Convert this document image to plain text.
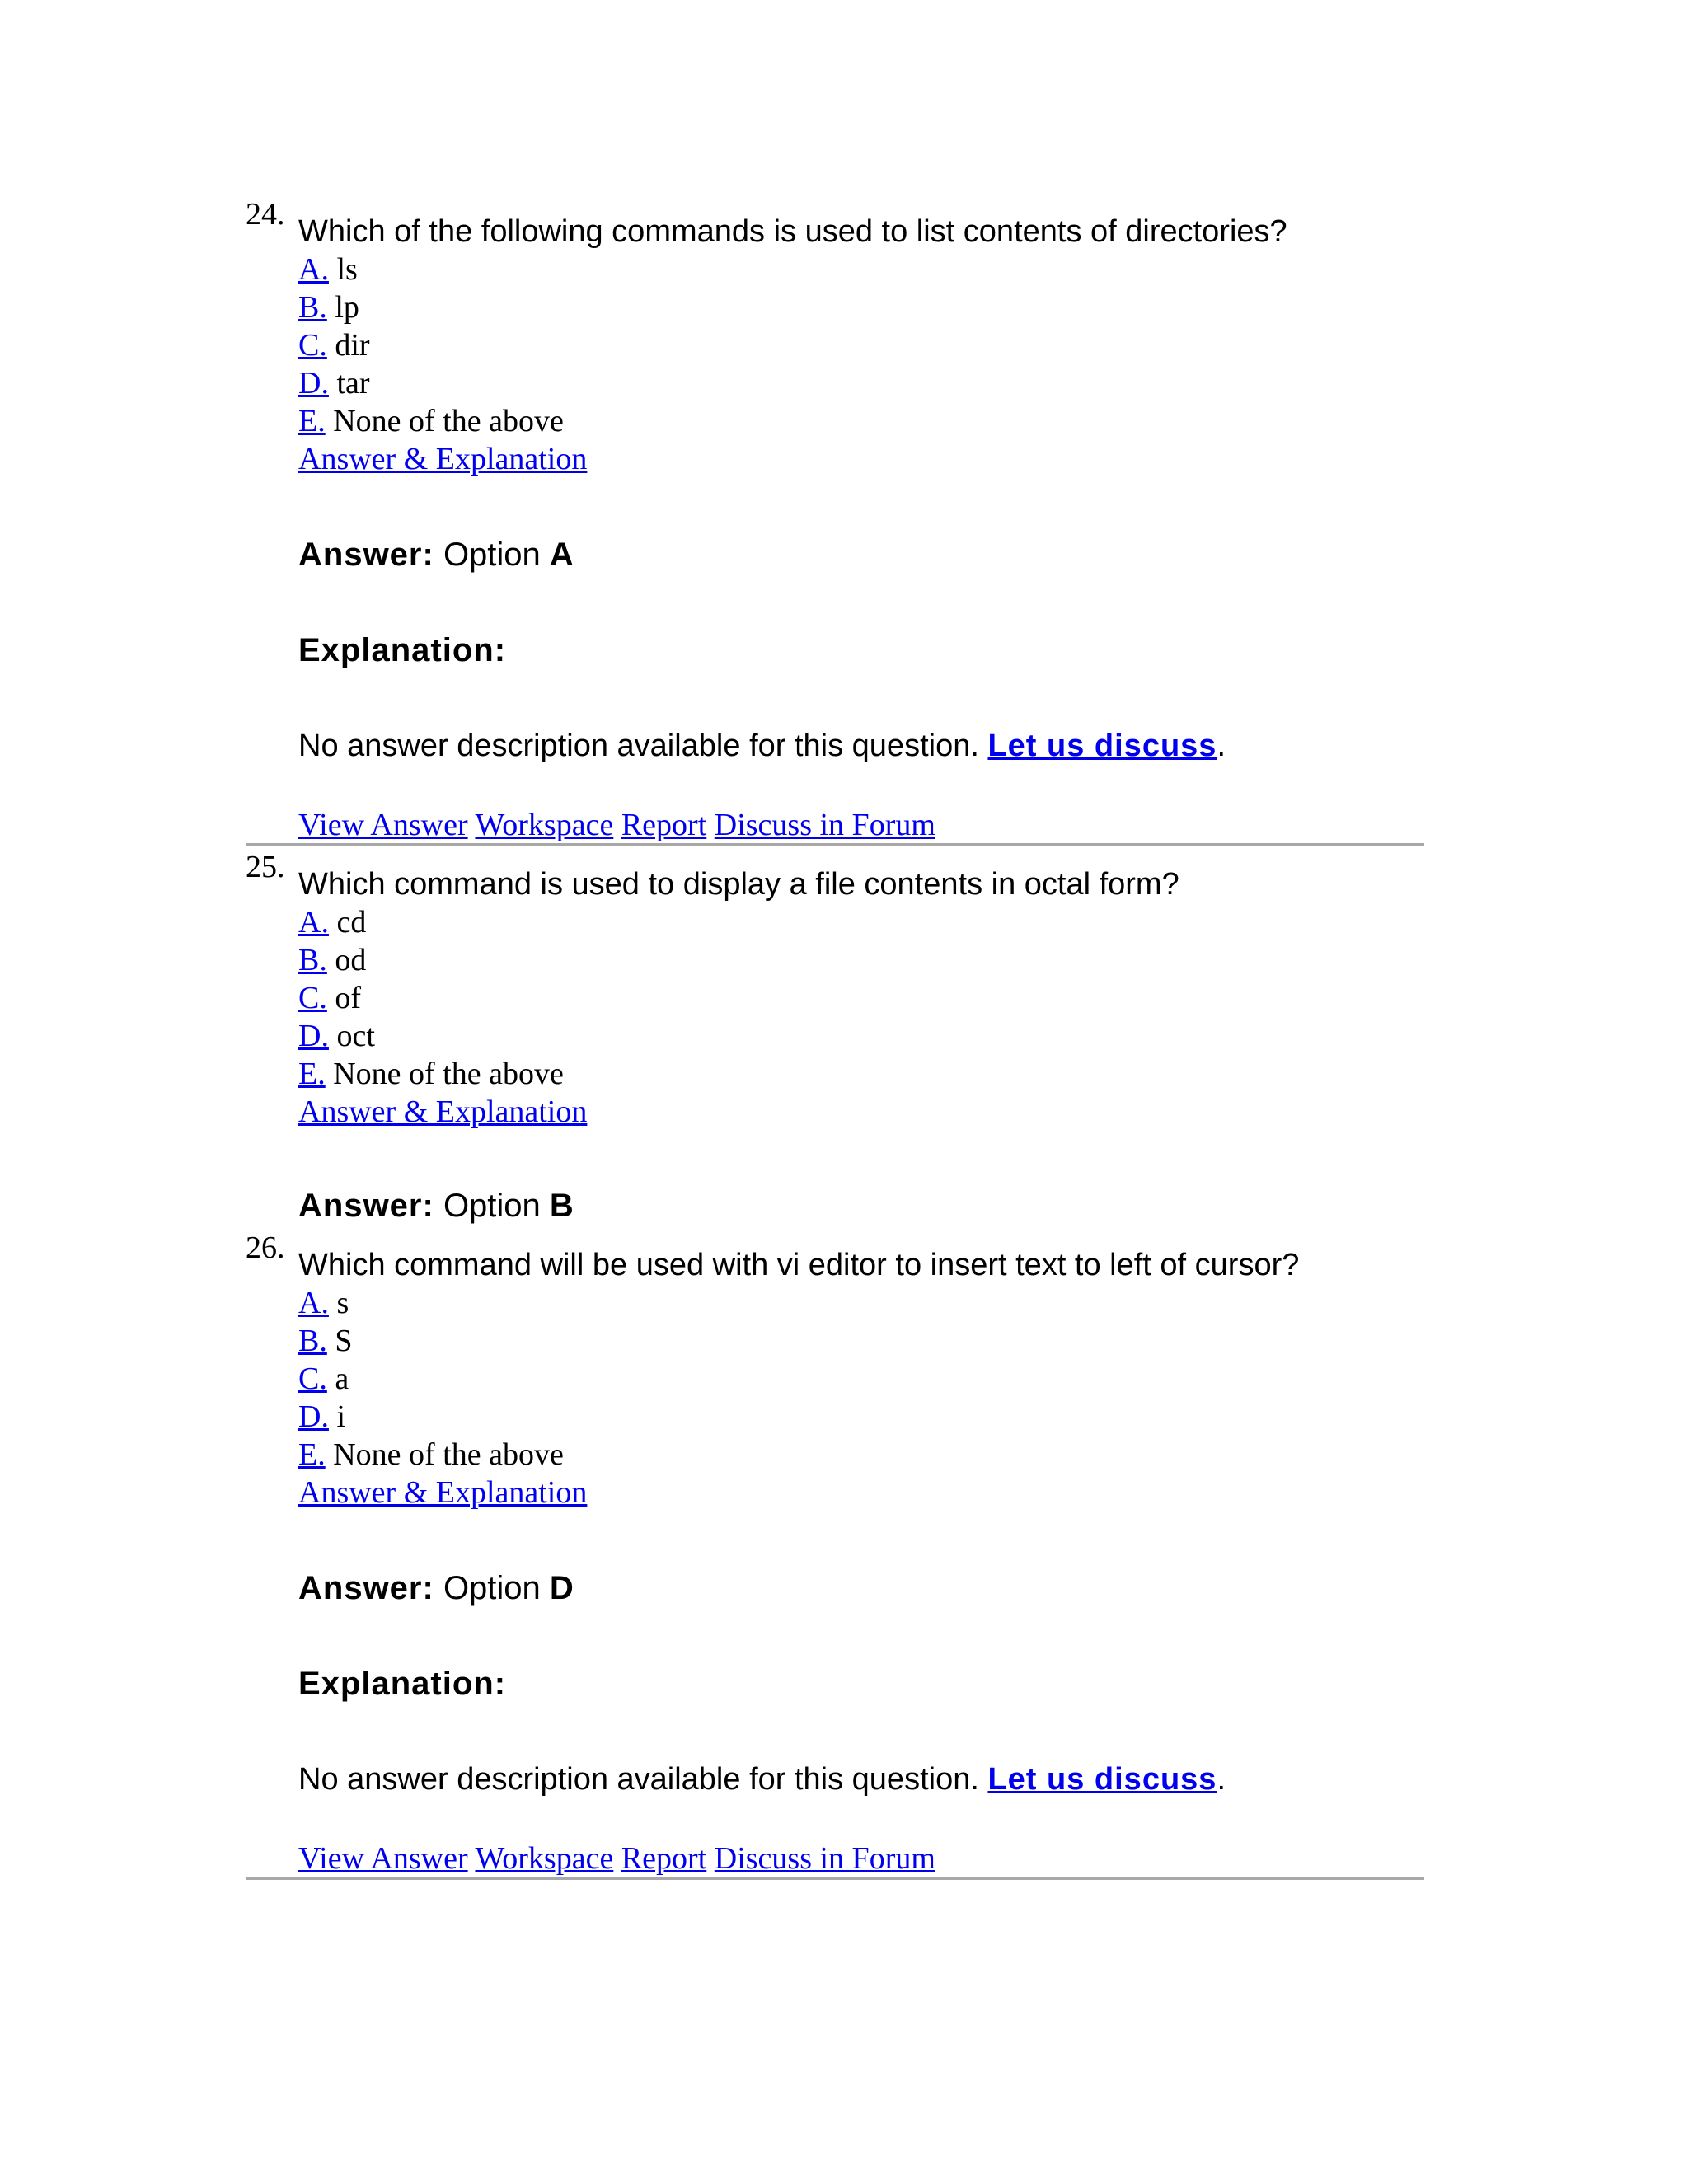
24. Which of the following commands is used to list contents of directories?
A. ls
B. lp
C. dir
D. tar
E. None of the above
Answer & Explanation
Answer: Option A
Explanation:
No answer description available for this question. Let us discuss.
View Answer Workspace Report Discuss in Forum
25. Which command is used to display a file contents in octal form?
A. cd
B. od
C. of
D. oct
E. None of the above
Answer & Explanation
Answer: Option B
26. Which command will be used with vi editor to insert text to left of cursor?
A. s
B. S
C. a
D. i
E. None of the above
Answer & Explanation
Answer: Option D
Explanation:
No answer description available for this question. Let us discuss.
View Answer Workspace Report Discuss in Forum
